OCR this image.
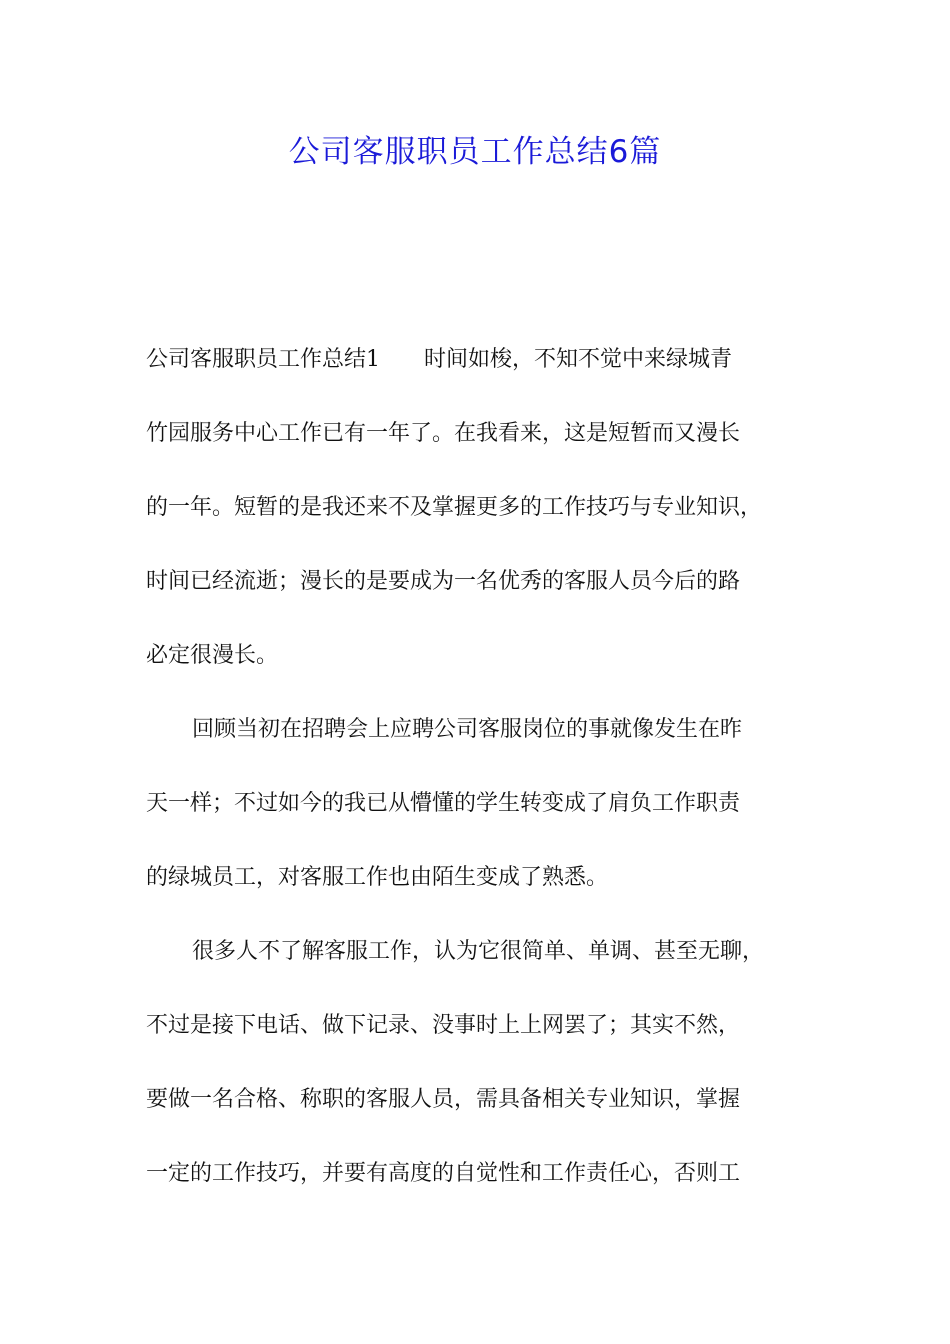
公司客服职员工作总结6篇
公司客服职员工作总结1　　时间如梭，不知不觉中来绿城青
竹园服务中心工作已有一年了。在我看来，这是短暂而又漫长
的一年。短暂的是我还来不及掌握更多的工作技巧与专业知识，
时间已经流逝；漫长的是要成为一名优秀的客服人员今后的路
必定很漫长。
回顾当初在招聘会上应聘公司客服岗位的事就像发生在昨
天一样；不过如今的我已从懵懂的学生转变成了肩负工作职责
的绿城员工，对客服工作也由陌生变成了熟悉。
很多人不了解客服工作，认为它很简单、单调、甚至无聊，
不过是接下电话、做下记录、没事时上上网罢了；其实不然，
要做一名合格、称职的客服人员，需具备相关专业知识，掌握
一定的工作技巧，并要有高度的自觉性和工作责任心，否则工
